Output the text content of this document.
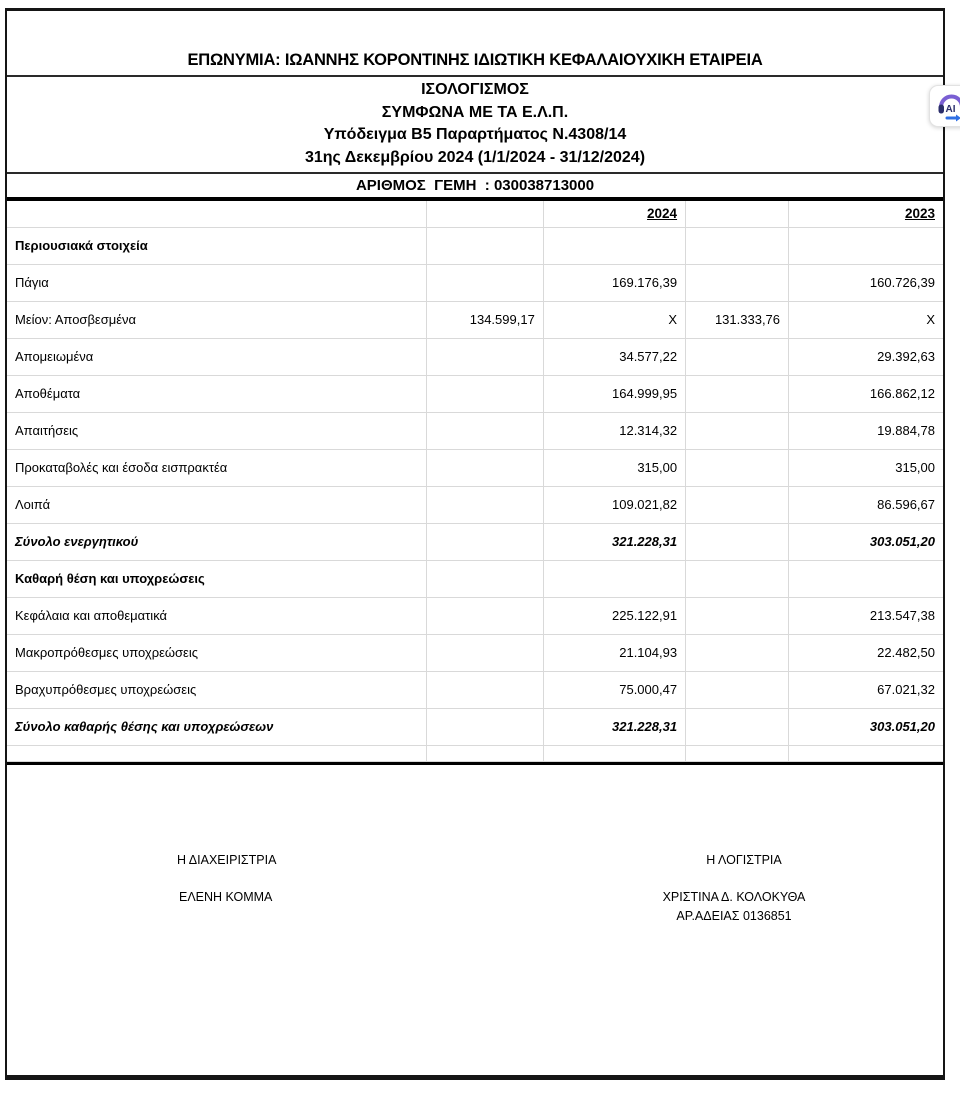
ΕΠΩΝΥΜΙΑ: ΙΩΑΝΝΗΣ ΚΟΡΟΝΤΙΝΗΣ ΙΔΙΩΤΙΚΗ ΚΕΦΑΛΑΙΟΥΧΙΚΗ ΕΤΑΙΡΕΙΑ
ΙΣΟΛΟΓΙΣΜΟΣ
ΣΥΜΦΩΝΑ ΜΕ ΤΑ Ε.Λ.Π.
Υπόδειγμα Β5 Παραρτήματος Ν.4308/14
31ης Δεκεμβρίου 2024 (1/1/2024 - 31/12/2024)
ΑΡΙΘΜΟΣ  ΓΕΜΗ  : 030038713000
		2024		2023
Περιουσιακά στοιχεία				
Πάγια		169.176,39		160.726,39
Μείον: Αποσβεσμένα	134.599,17	X	131.333,76	X
Απομειωμένα		34.577,22		29.392,63
Αποθέματα		164.999,95		166.862,12
Απαιτήσεις		12.314,32		19.884,78
Προκαταβολές και έσοδα εισπρακτέα		315,00		315,00
Λοιπά		109.021,82		86.596,67
Σύνολο ενεργητικού		321.228,31		303.051,20
Καθαρή θέση και υποχρεώσεις				
Κεφάλαια και αποθεματικά		225.122,91		213.547,38
Μακροπρόθεσμες υποχρεώσεις		21.104,93		22.482,50
Βραχυπρόθεσμες υποχρεώσεις		75.000,47		67.021,32
Σύνολο καθαρής θέσης και υποχρεώσεων		321.228,31		303.051,20

Η ΔΙΑΧΕΙΡΙΣΤΡΙΑ
ΕΛΕΝΗ ΚΟΜΜΑ
Η ΛΟΓΙΣΤΡΙΑ
ΧΡΙΣΤΙΝΑ Δ. ΚΟΛΟΚΥΘΑ
ΑΡ.ΑΔΕΙΑΣ 0136851
AI
